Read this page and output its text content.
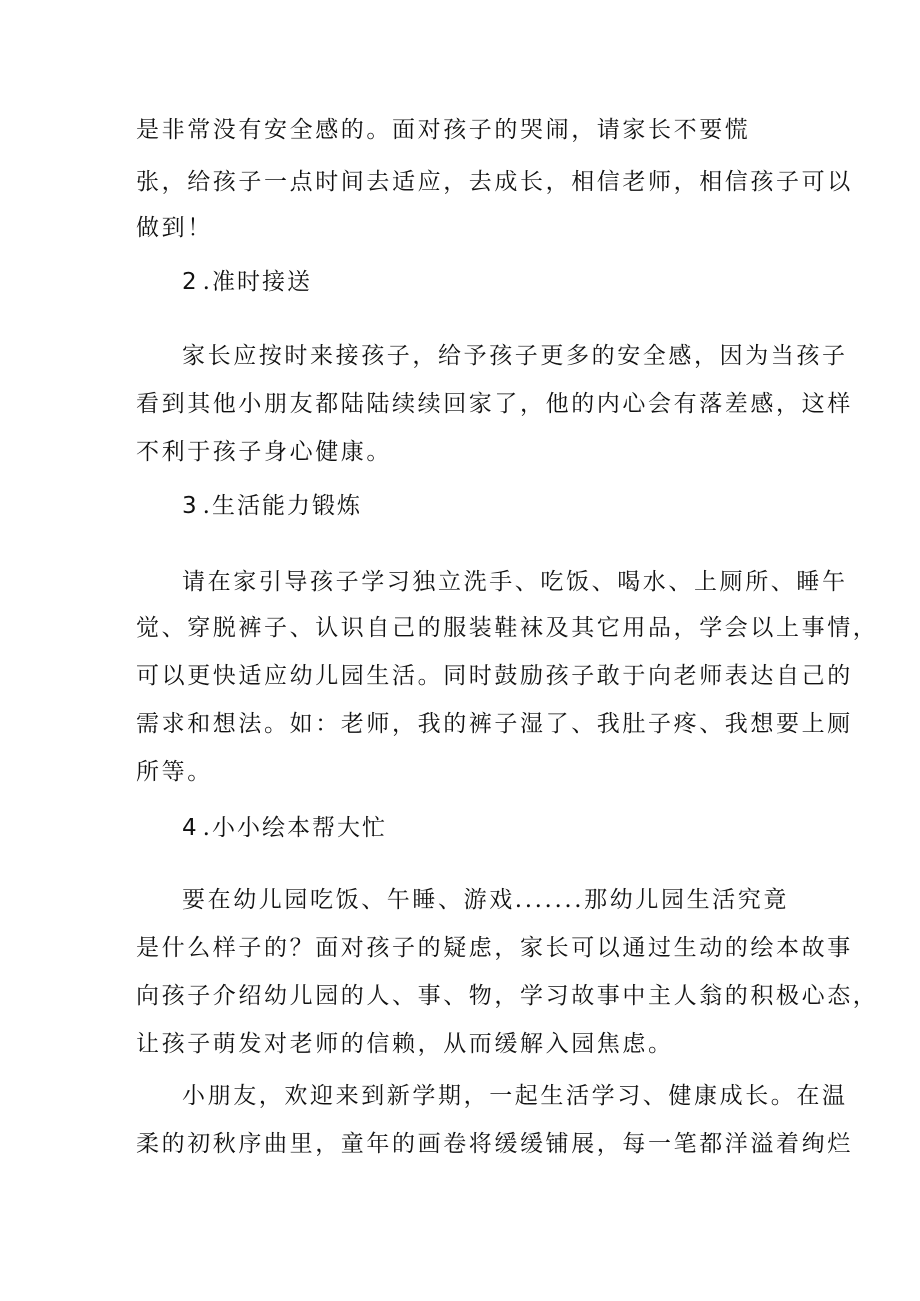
是非常没有安全感的。面对孩子的哭闹，请家长不要慌
张，给孩子一点时间去适应，去成长，相信老师，相信孩子可以
做到！
2 .准时接送
家长应按时来接孩子，给予孩子更多的安全感，因为当孩子
看到其他小朋友都陆陆续续回家了，他的内心会有落差感，这样
不利于孩子身心健康。
3 .生活能力锻炼
请在家引导孩子学习独立洗手、吃饭、喝水、上厕所、睡午
觉、穿脱裤子、认识自己的服装鞋袜及其它用品，学会以上事情，
可以更快适应幼儿园生活。同时鼓励孩子敢于向老师表达自己的
需求和想法。如：老师，我的裤子湿了、我肚子疼、我想要上厕
所等。
4 .小小绘本帮大忙
要在幼儿园吃饭、午睡、游戏.......那幼儿园生活究竟
是什么样子的？面对孩子的疑虑，家长可以通过生动的绘本故事
向孩子介绍幼儿园的人、事、物，学习故事中主人翁的积极心态，
让孩子萌发对老师的信赖，从而缓解入园焦虑。
小朋友，欢迎来到新学期，一起生活学习、健康成长。在温
柔的初秋序曲里，童年的画卷将缓缓铺展，每一笔都洋溢着绚烂
